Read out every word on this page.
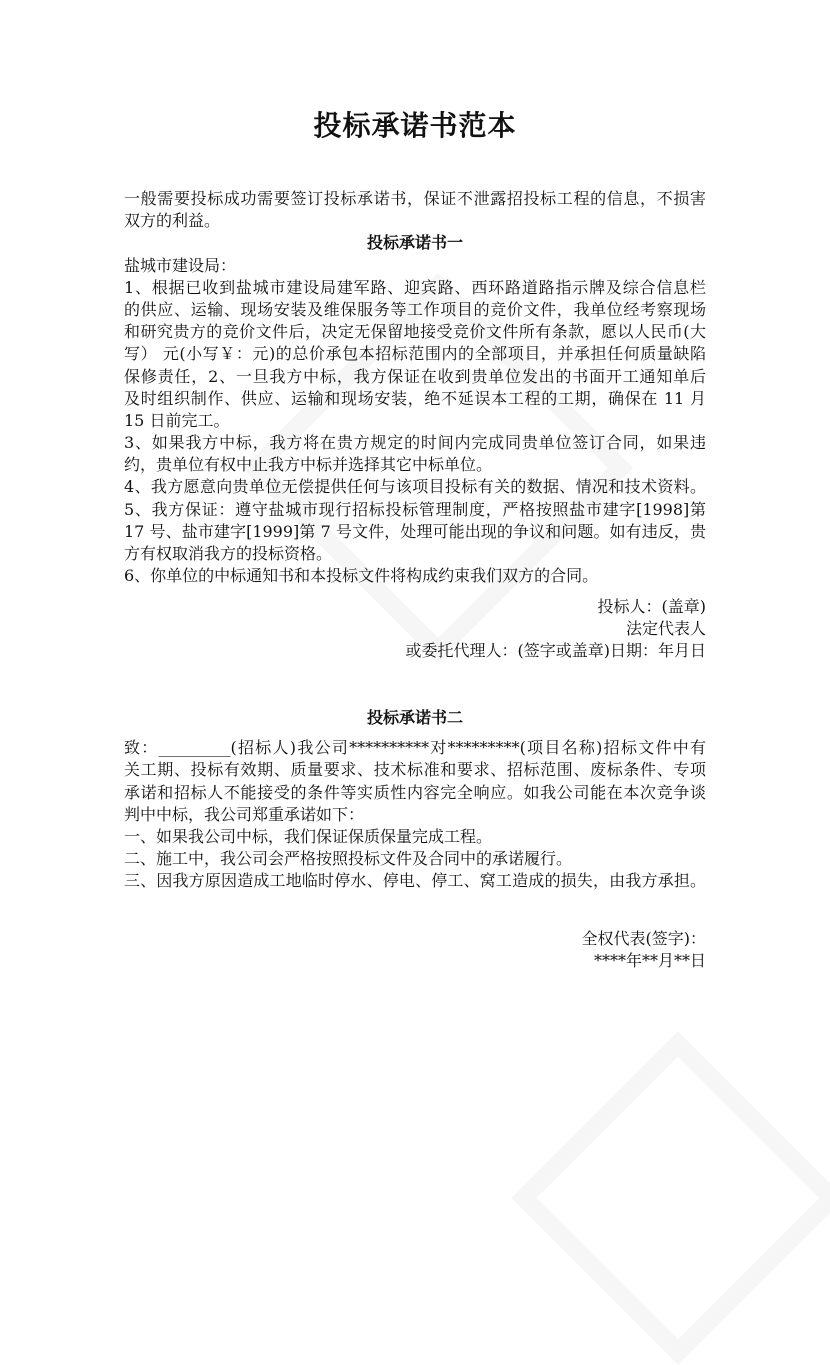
投标承诺书范本
一般需要投标成功需要签订投标承诺书，保证不泄露招投标工程的信息，不损害
双方的利益。
投标承诺书一
盐城市建设局：
1、根据已收到盐城市建设局建军路、迎宾路、西环路道路指示牌及综合信息栏
的供应、运输、现场安装及维保服务等工作项目的竞价文件，我单位经考察现场
和研究贵方的竞价文件后，决定无保留地接受竞价文件所有条款，愿以人民币(大
写） 元(小写￥：元)的总价承包本招标范围内的全部项目，并承担任何质量缺陷
保修责任，2、一旦我方中标，我方保证在收到贵单位发出的书面开工通知单后
及时组织制作、供应、运输和现场安装，绝不延误本工程的工期，确保在 11 月
15 日前完工。
3、如果我方中标，我方将在贵方规定的时间内完成同贵单位签订合同，如果违
约，贵单位有权中止我方中标并选择其它中标单位。
4、我方愿意向贵单位无偿提供任何与该项目投标有关的数据、情况和技术资料。
5、我方保证：遵守盐城市现行招标投标管理制度，严格按照盐市建字[1998]第
17 号、盐市建字[1999]第 7 号文件，处理可能出现的争议和问题。如有违反，贵
方有权取消我方的投标资格。
6、你单位的中标通知书和本投标文件将构成约束我们双方的合同。
投标人：(盖章)
法定代表人
或委托代理人：(签字或盖章)日期：年月日
投标承诺书二
致：_________(招标人)我公司**********对*********(项目名称)招标文件中有
关工期、投标有效期、质量要求、技术标准和要求、招标范围、废标条件、专项
承诺和招标人不能接受的条件等实质性内容完全响应。如我公司能在本次竞争谈
判中中标，我公司郑重承诺如下：
一、如果我公司中标，我们保证保质保量完成工程。
二、施工中，我公司会严格按照投标文件及合同中的承诺履行。
三、因我方原因造成工地临时停水、停电、停工、窝工造成的损失，由我方承担。
全权代表(签字)：
****年**月**日
